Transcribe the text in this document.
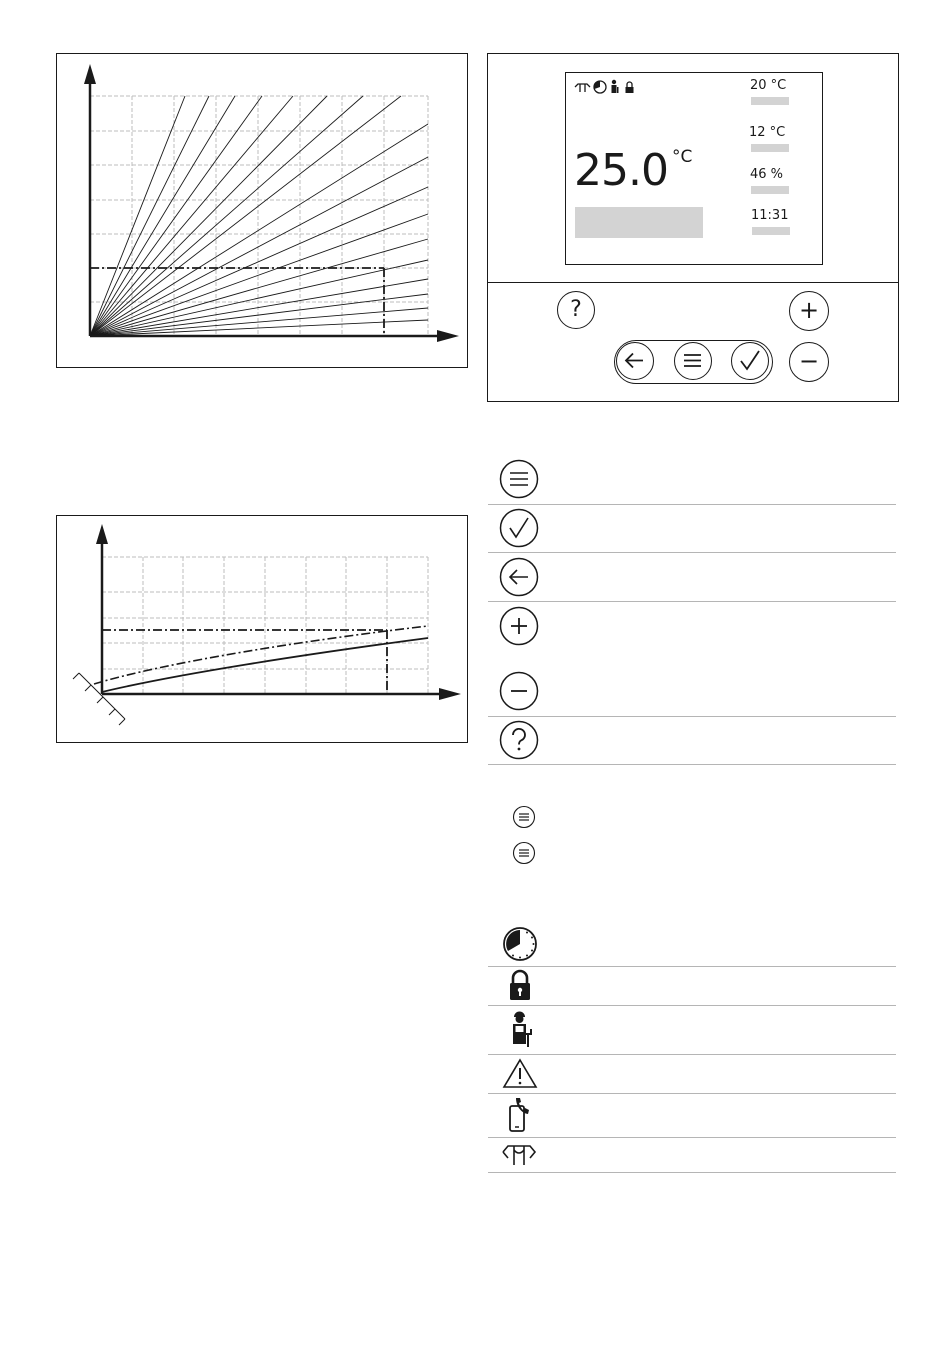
25.0 °C
20 °C
12 °C
46 %
11:31
?	+
−
